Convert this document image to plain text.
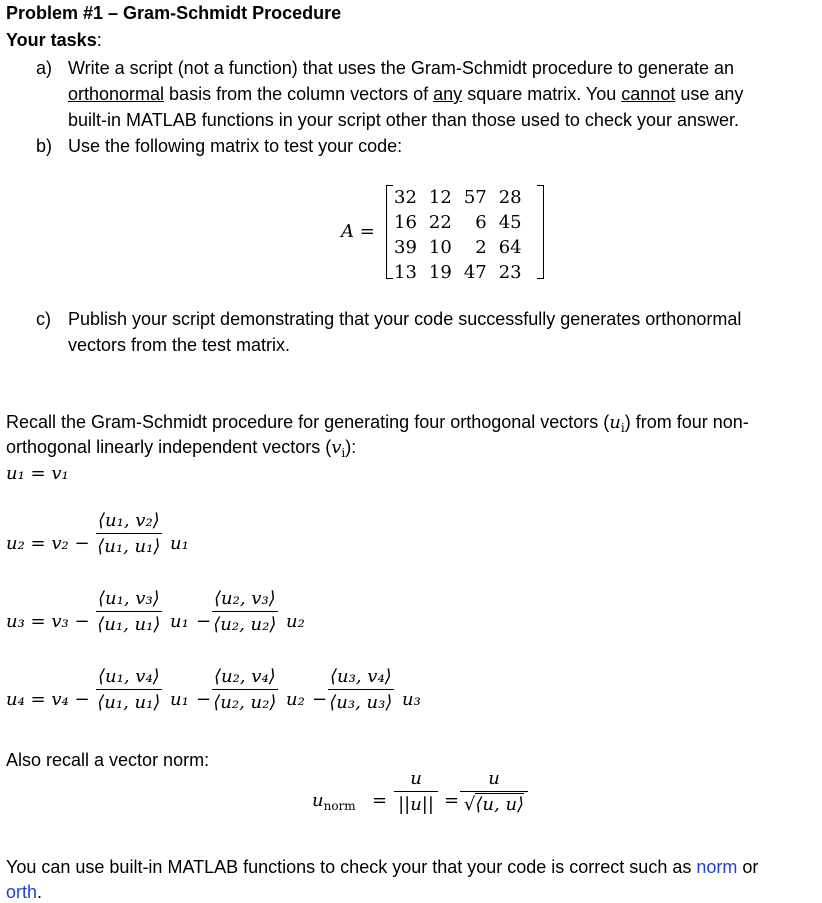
Problem #1 – Gram-Schmidt Procedure
Your tasks:
a) Write a script (not a function) that uses the Gram-Schmidt procedure to generate an
orthonormal basis from the column vectors of any square matrix. You cannot use any
built-in MATLAB functions in your script other than those used to check your answer.
b) Use the following matrix to test your code:
A =
32	12	57	28
16	22	6	45
39	10	2	64
13	19	47	23
c) Publish your script demonstrating that your code successfully generates orthonormal
vectors from the test matrix.
Recall the Gram-Schmidt procedure for generating four orthogonal vectors $(u_i)$ from four non-
orthogonal linearly independent vectors $(v_i)$:
u₁ = v₁
$u_2 = v_2 - \frac{\text{⟨u₁, v₂⟩}}{\text{⟨u₁, u₁⟩}} u_1$
$u_3 = v_3 - \frac{\text{⟨u₁, v₃⟩}}{\text{⟨u₁, u₁⟩}} u_1 - \frac{\text{⟨u₂, v₃⟩}}{\text{⟨u₂, u₂⟩}} u_2$
$u_4 = v_4 - \frac{\text{⟨u₁, v₄⟩}}{\text{⟨u₁, u₁⟩}} u_1 - \frac{\text{⟨u₂, v₄⟩}}{\text{⟨u₂, u₂⟩}} u_2 - \frac{\text{⟨u₃, v₄⟩}}{\text{⟨u₃, u₃⟩}} u_3$
Also recall a vector norm:
$u_{norm} = \frac{u}{||u||} = \frac{u}{√⟨u, u⟩}$
You can use built-in MATLAB functions to check your that your code is correct such as norm or
orth.
